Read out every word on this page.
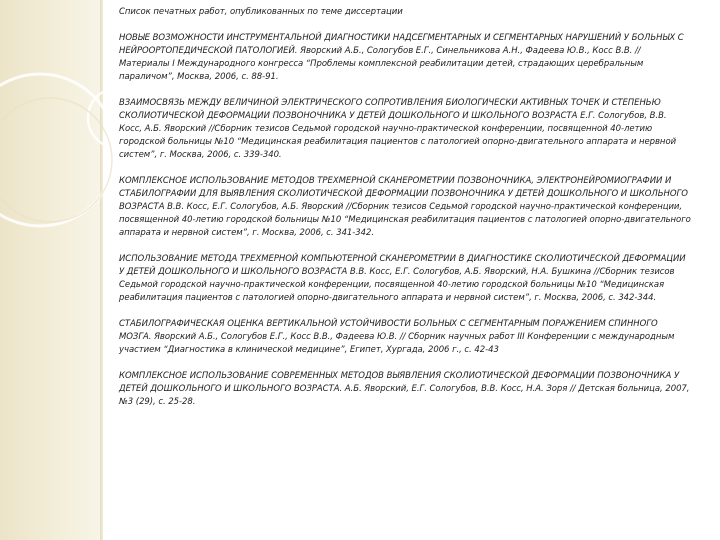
Список печатных работ, опубликованных по теме диссертации

НОВЫЕ ВОЗМОЖНОСТИ ИНСТРУМЕНТАЛЬНОЙ ДИАГНОСТИКИ НАДСЕГМЕНТАРНЫХ И СЕГМЕНТАРНЫХ НАРУШЕНИЙ У БОЛЬНЫХ С НЕЙРООРТОПЕДИЧЕСКОЙ ПАТОЛОГИЕЙ. Яворский А.Б., Сологубов Е.Г., Синельникова А.Н., Фадеева Ю.В., Косс В.В. // Материалы I Международного конгресса “Проблемы комплексной реабилитации детей, страдающих церебральным параличом”, Москва, 2006, с. 88-91.

ВЗАИМОСВЯЗЬ МЕЖДУ ВЕЛИЧИНОЙ ЭЛЕКТРИЧЕСКОГО СОПРОТИВЛЕНИЯ БИОЛОГИЧЕСКИ АКТИВНЫХ ТОЧЕК И СТЕПЕНЬЮ СКОЛИОТИЧЕСКОЙ ДЕФОРМАЦИИ ПОЗВОНОЧНИКА У ДЕТЕЙ ДОШКОЛЬНОГО И ШКОЛЬНОГО ВОЗРАСТА Е.Г. Сологубов, В.В. Косс, А.Б. Яворский //Сборник тезисов Седьмой городской научно-практической конференции, посвященной 40-летию городской больницы №10 “Медицинская реабилитация пациентов с патологией опорно-двигательного аппарата и нервной систем”, г. Москва, 2006, с. 339-340.

КОМПЛЕКСНОЕ ИСПОЛЬЗОВАНИЕ МЕТОДОВ ТРЕХМЕРНОЙ СКАНЕРОМЕТРИИ ПОЗВОНОЧНИКА, ЭЛЕКТРОНЕЙРОМИОГРАФИИ И СТАБИЛОГРАФИИ ДЛЯ ВЫЯВЛЕНИЯ СКОЛИОТИЧЕСКОЙ ДЕФОРМАЦИИ ПОЗВОНОЧНИКА У ДЕТЕЙ ДОШКОЛЬНОГО И ШКОЛЬНОГО ВОЗРАСТА В.В. Косс, Е.Г. Сологубов, А.Б. Яворский //Сборник тезисов Седьмой городской научно-практической конференции, посвященной 40-летию городской больницы №10 “Медицинская реабилитация пациентов с патологией опорно-двигательного аппарата и нервной систем”, г. Москва, 2006, с. 341-342.

ИСПОЛЬЗОВАНИЕ МЕТОДА ТРЕХМЕРНОЙ КОМПЬЮТЕРНОЙ СКАНЕРОМЕТРИИ В ДИАГНОСТИКЕ СКОЛИОТИЧЕСКОЙ ДЕФОРМАЦИИ У ДЕТЕЙ ДОШКОЛЬНОГО И ШКОЛЬНОГО ВОЗРАСТА В.В. Косс, Е.Г. Сологубов, А.Б. Яворский, Н.А. Бушкина //Сборник тезисов Седьмой городской научно-практической конференции, посвященной 40-летию городской больницы №10 “Медицинская реабилитация пациентов с патологией опорно-двигательного аппарата и нервной систем”, г. Москва, 2006, с. 342-344.

СТАБИЛОГРАФИЧЕСКАЯ ОЦЕНКА ВЕРТИКАЛЬНОЙ УСТОЙЧИВОСТИ БОЛЬНЫХ С СЕГМЕНТАРНЫМ ПОРАЖЕНИЕМ СПИННОГО МОЗГА. Яворский А.Б., Сологубов Е.Г., Косс В.В., Фадеева Ю.В. // Сборник научных работ III Конференции с международным участием “Диагностика в клинической медицине”, Египет, Хургада, 2006 г., с. 42-43

КОМПЛЕКСНОЕ ИСПОЛЬЗОВАНИЕ СОВРЕМЕННЫХ МЕТОДОВ ВЫЯВЛЕНИЯ СКОЛИОТИЧЕСКОЙ ДЕФОРМАЦИИ ПОЗВОНОЧНИКА У ДЕТЕЙ ДОШКОЛЬНОГО И ШКОЛЬНОГО ВОЗРАСТА. А.Б. Яворский, Е.Г. Сологубов, В.В. Косс, Н.А. Зоря // Детская больница, 2007, №3 (29), с. 25-28.
